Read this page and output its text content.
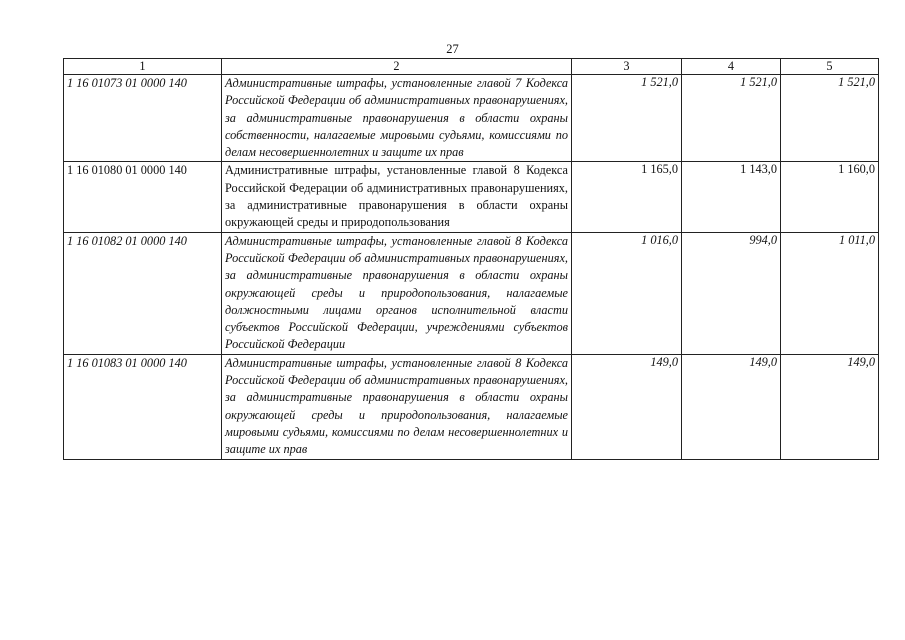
27
1	2	3	4	5
1 16 01073 01 0000 140	Административные штрафы, установленные главой 7 Кодекса Российской Федерации об административных правонарушениях, за административные правонарушения в области охраны собственности, налагаемые мировыми судьями, комиссиями по делам несовершеннолетних и защите их прав	1 521,0	1 521,0	1 521,0
1 16 01080 01 0000 140	Административные штрафы, установленные главой 8 Кодекса Российской Федерации об административных правонарушениях, за административные правонарушения в области охраны окружающей среды и природопользования	1 165,0	1 143,0	1 160,0
1 16 01082 01 0000 140	Административные штрафы, установленные главой 8 Кодекса Российской Федерации об административных правонарушениях, за административные правонарушения в области охраны окружающей среды и природопользования, налагаемые должностными лицами органов исполнительной власти субъектов Российской Федерации, учреждениями субъектов Российской Федерации	1 016,0	994,0	1 011,0
1 16 01083 01 0000 140	Административные штрафы, установленные главой 8 Кодекса Российской Федерации об административных правонарушениях, за административные правонарушения в области охраны окружающей среды и природопользования, налагаемые мировыми судьями, комиссиями по делам несовершеннолетних и защите их прав	149,0	149,0	149,0
